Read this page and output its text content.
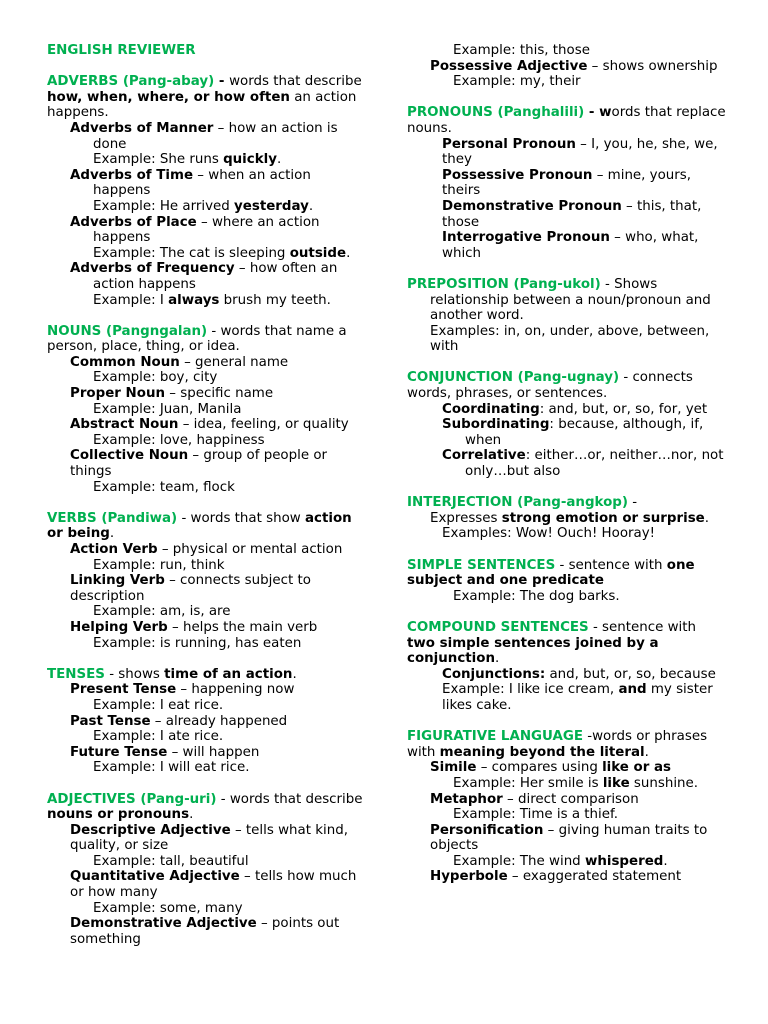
ENGLISH REVIEWER

ADVERBS (Pang-abay) - words that describe how, when, where, or how often an action happens.

Adverbs of Manner – how an action is done

Example: She runs quickly.

Adverbs of Time – when an action happens

Example: He arrived yesterday.

Adverbs of Place – where an action happens

Example: The cat is sleeping outside.

Adverbs of Frequency – how often an action happens

Example: I always brush my teeth.

NOUNS (Pangngalan) - words that name a person, place, thing, or idea.

Common Noun – general name

Example: boy, city

Proper Noun – specific name

Example: Juan, Manila

Abstract Noun – idea, feeling, or quality

Example: love, happiness

Collective Noun – group of people or things

Example: team, flock

VERBS (Pandiwa) - words that show action or being.

Action Verb – physical or mental action

Example: run, think

Linking Verb – connects subject to description

Example: am, is, are

Helping Verb – helps the main verb

Example: is running, has eaten

TENSES - shows time of an action.

Present Tense – happening now

Example: I eat rice.

Past Tense – already happened

Example: I ate rice.

Future Tense – will happen

Example: I will eat rice.

ADJECTIVES (Pang-uri) - words that describe nouns or pronouns.

Descriptive Adjective – tells what kind, quality, or size

Example: tall, beautiful

Quantitative Adjective – tells how much or how many

Example: some, many

Demonstrative Adjective – points out something

Example: this, those

Possessive Adjective – shows ownership

Example: my, their

PRONOUNS (Panghalili) - words that replace nouns.

Personal Pronoun – I, you, he, she, we, they

Possessive Pronoun – mine, yours, theirs

Demonstrative Pronoun – this, that, those

Interrogative Pronoun – who, what, which

PREPOSITION (Pang-ukol) - Shows relationship between a noun/pronoun and another word.

Examples: in, on, under, above, between, with

CONJUNCTION (Pang-ugnay) - connects words, phrases, or sentences.

Coordinating: and, but, or, so, for, yet

Subordinating: because, although, if, when

Correlative: either…or, neither…nor, not only…but also

INTERJECTION (Pang-angkop) -

Expresses strong emotion or surprise.

Examples: Wow! Ouch! Hooray!

SIMPLE SENTENCES - sentence with one subject and one predicate

Example: The dog barks.

COMPOUND SENTENCES - sentence with two simple sentences joined by a conjunction.

Conjunctions: and, but, or, so, because

Example: I like ice cream, and my sister likes cake.

FIGURATIVE LANGUAGE -words or phrases with meaning beyond the literal.

Simile – compares using like or as

Example: Her smile is like sunshine.

Metaphor – direct comparison

Example: Time is a thief.

Personification – giving human traits to objects

Example: The wind whispered.

Hyperbole – exaggerated statement
